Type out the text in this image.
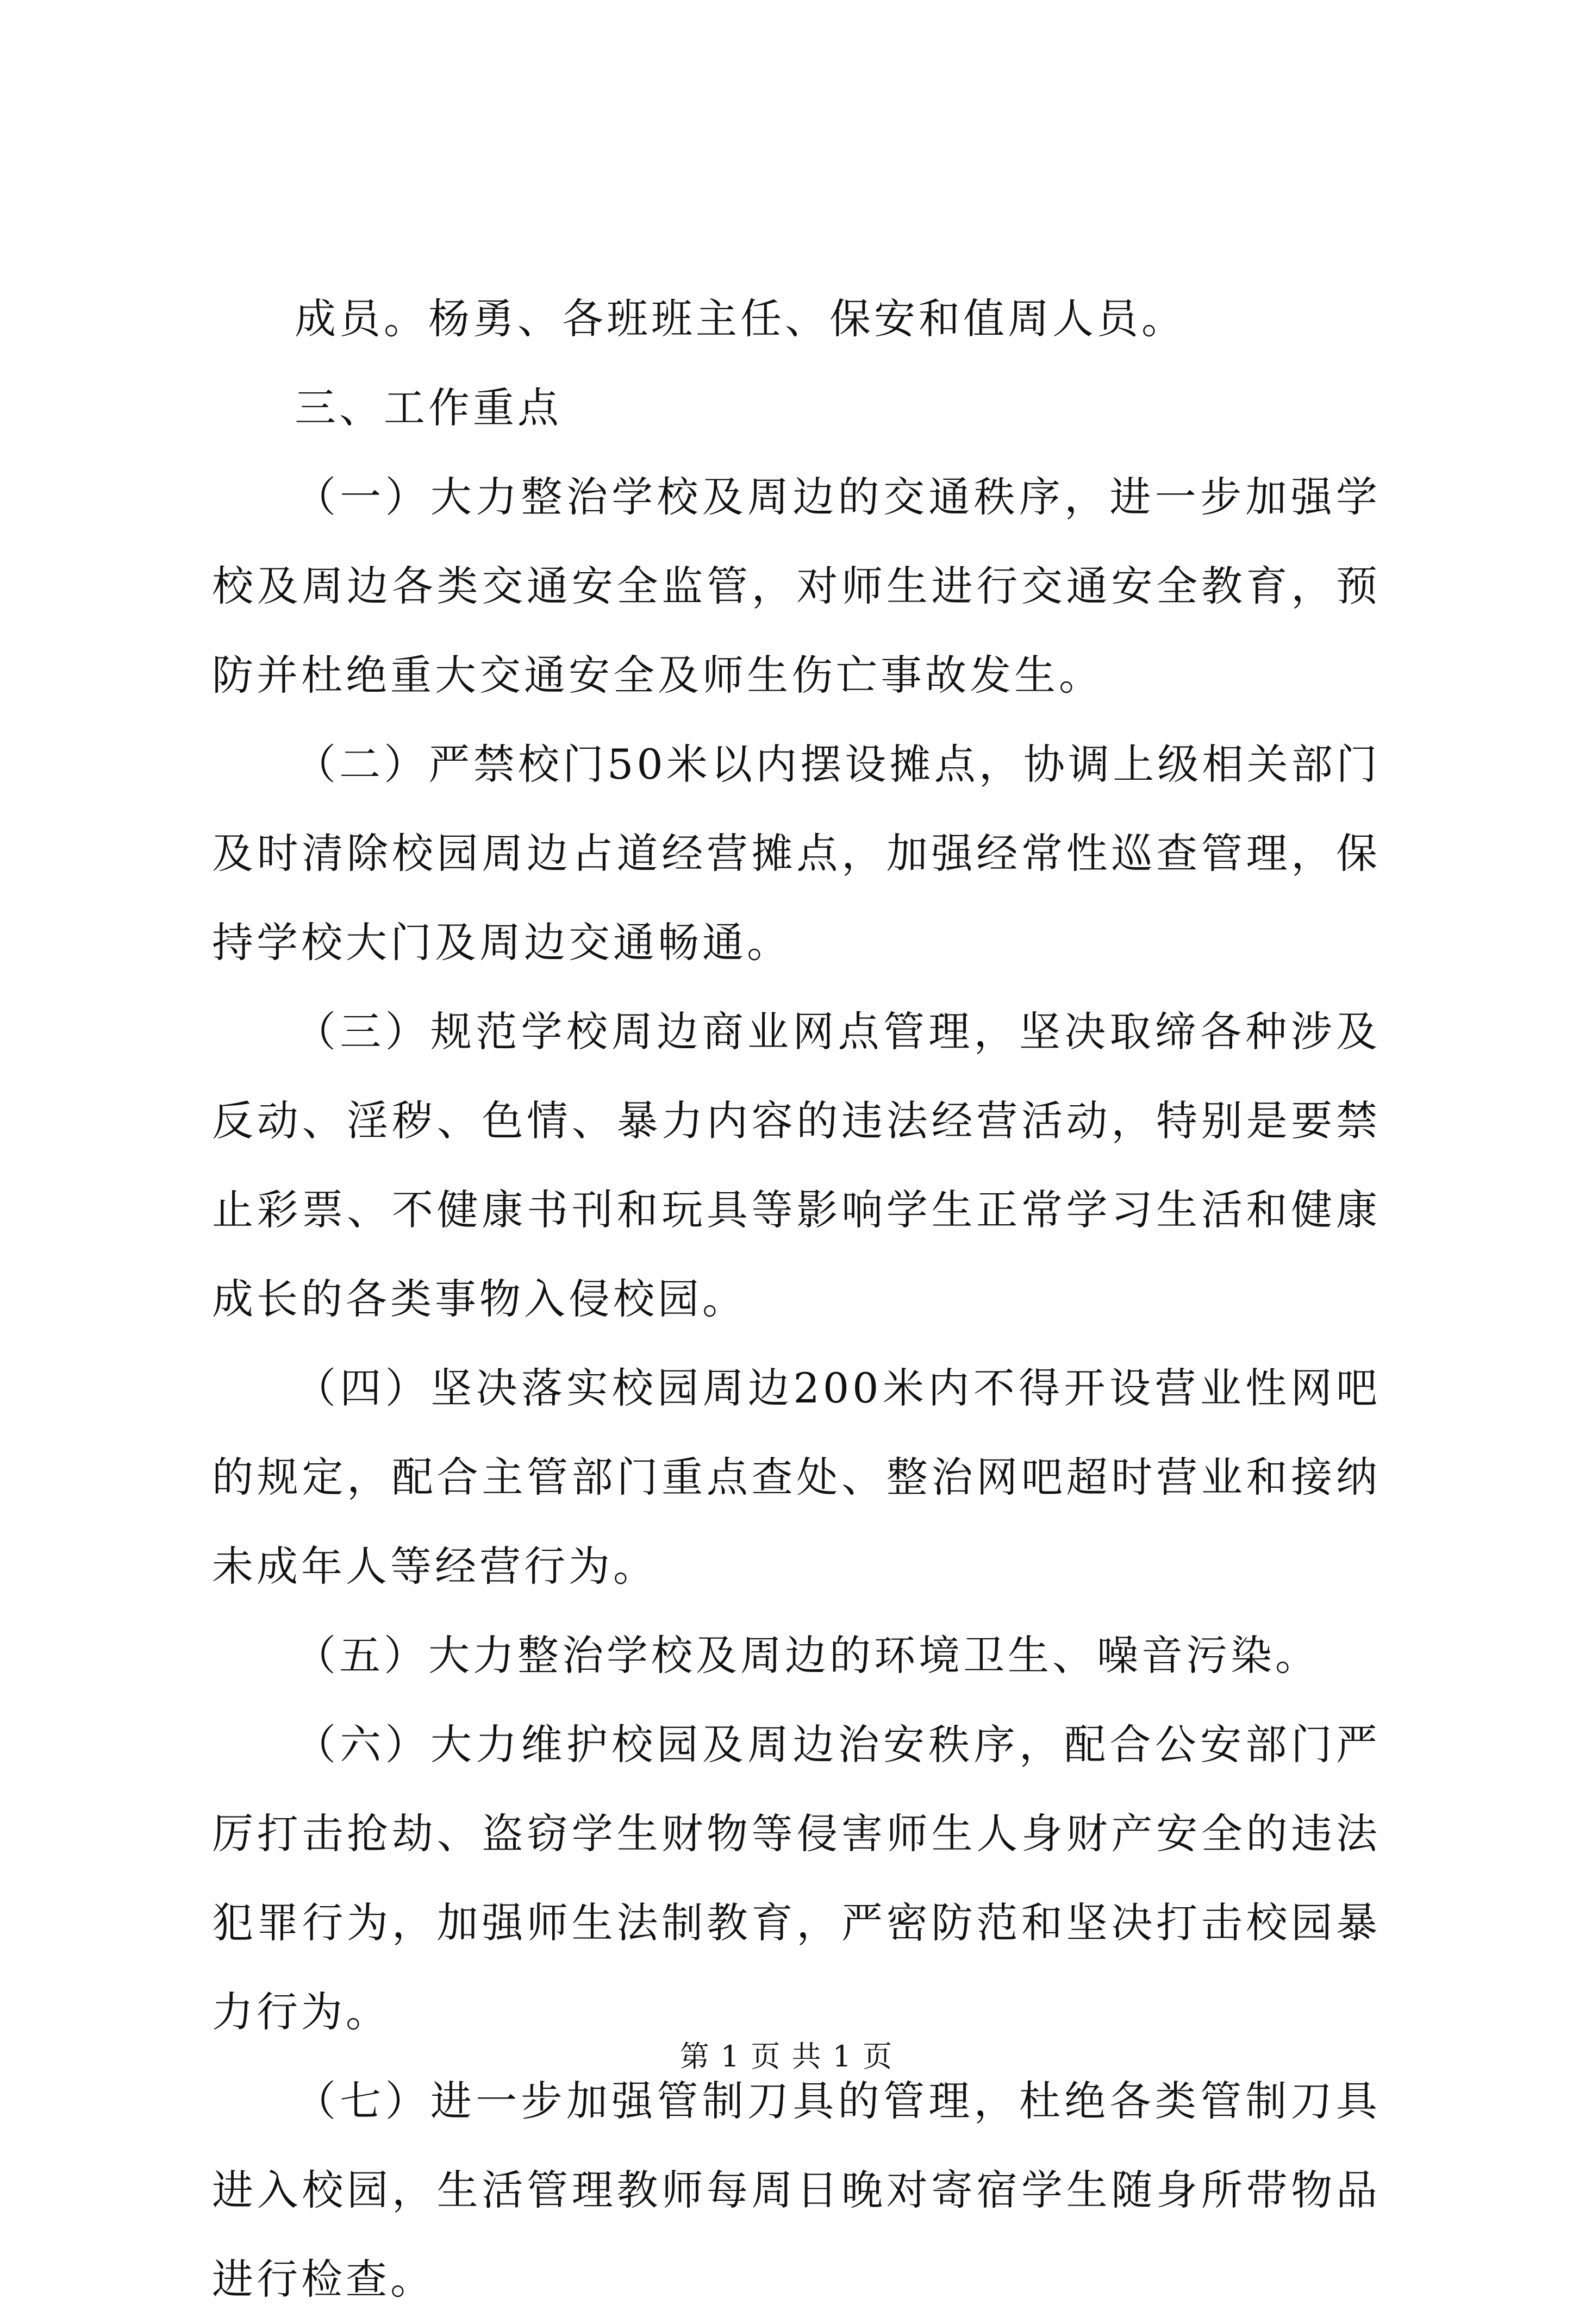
成员。杨勇、各班班主任、保安和值周人员。

三、工作重点

（一）大力整治学校及周边的交通秩序，进一步加强学校及周边各类交通安全监管，对师生进行交通安全教育，预防并杜绝重大交通安全及师生伤亡事故发生。

（二）严禁校门50米以内摆设摊点，协调上级相关部门及时清除校园周边占道经营摊点，加强经常性巡查管理，保持学校大门及周边交通畅通。

（三）规范学校周边商业网点管理，坚决取缔各种涉及反动、淫秽、色情、暴力内容的违法经营活动，特别是要禁止彩票、不健康书刊和玩具等影响学生正常学习生活和健康成长的各类事物入侵校园。

（四）坚决落实校园周边200米内不得开设营业性网吧的规定，配合主管部门重点查处、整治网吧超时营业和接纳未成年人等经营行为。

（五）大力整治学校及周边的环境卫生、噪音污染。

（六）大力维护校园及周边治安秩序，配合公安部门严厉打击抢劫、盗窃学生财物等侵害师生人身财产安全的违法犯罪行为，加强师生法制教育，严密防范和坚决打击校园暴力行为。

（七）进一步加强管制刀具的管理，杜绝各类管制刀具进入校园，生活管理教师每周日晚对寄宿学生随身所带物品进行检查。

第 1 页 共 1 页
